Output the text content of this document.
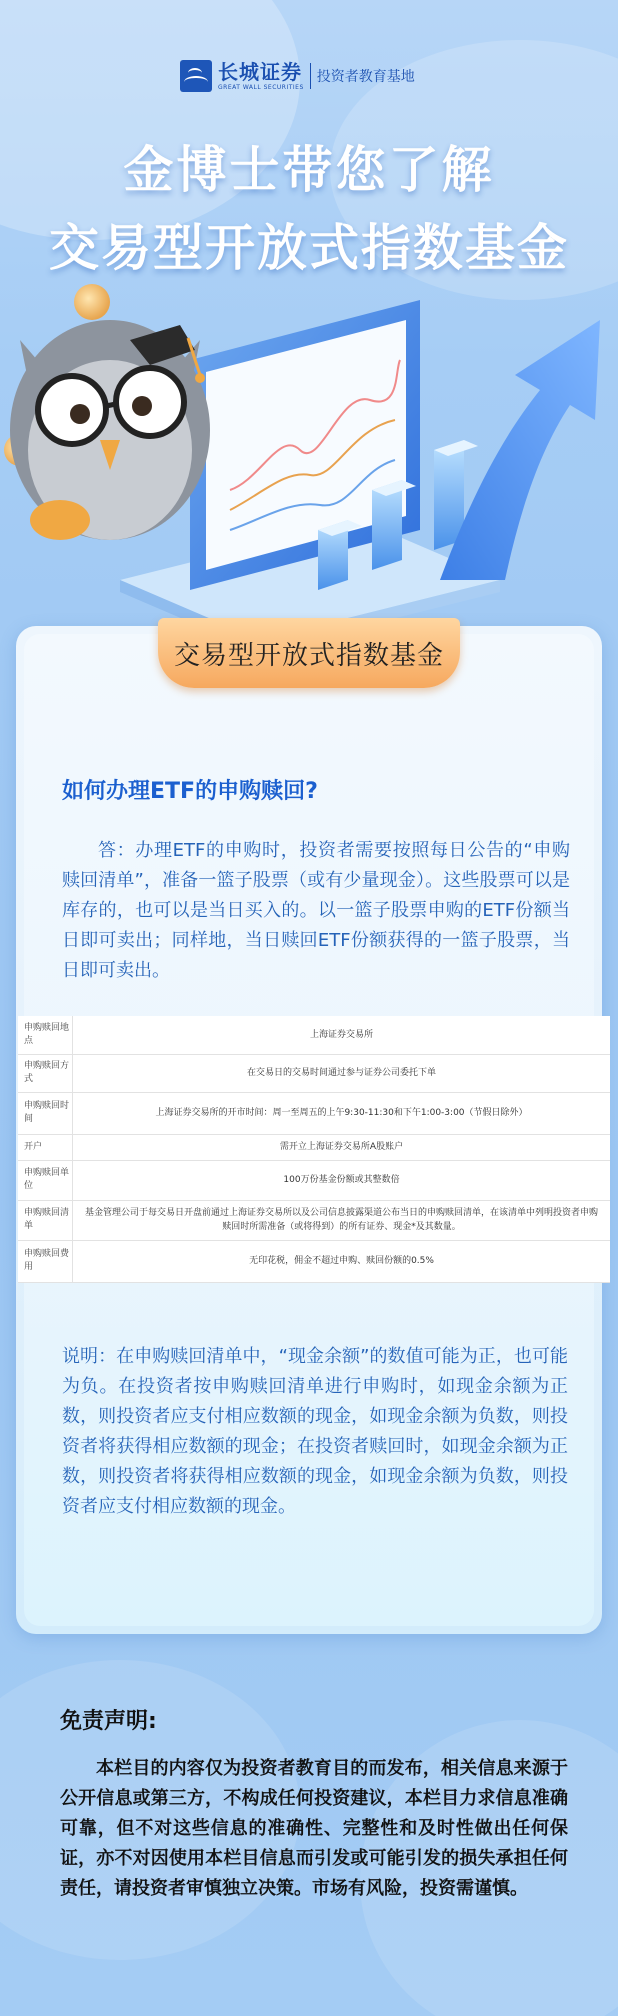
长城证券
GREAT WALL SECURITIES
投资者教育基地
金博士带您了解
交易型开放式指数基金
交易型开放式指数基金
如何办理ETF的申购赎回?
答：办理ETF的申购时，投资者需要按照每日公告的“申购赎回清单”，准备一篮子股票（或有少量现金）。这些股票可以是库存的，也可以是当日买入的。以一篮子股票申购的ETF份额当日即可卖出；同样地，当日赎回ETF份额获得的一篮子股票，当日即可卖出。
申购赎回地点	上海证券交易所
申购赎回方式	在交易日的交易时间通过参与证券公司委托下单
申购赎回时间	上海证券交易所的开市时间：周一至周五的上午9:30-11:30和下午1:00-3:00（节假日除外）
开户	需开立上海证券交易所A股账户
申购赎回单位	100万份基金份额或其整数倍
申购赎回清单	基金管理公司于每交易日开盘前通过上海证券交易所以及公司信息披露渠道公布当日的申购赎回清单，在该清单中列明投资者申购赎回时所需准备（或将得到）的所有证券、现金*及其数量。
申购赎回费用	无印花税，佣金不超过申购、赎回份额的0.5%
说明：在申购赎回清单中，“现金余额”的数值可能为正，也可能为负。在投资者按申购赎回清单进行申购时，如现金余额为正数，则投资者应支付相应数额的现金，如现金余额为负数，则投资者将获得相应数额的现金；在投资者赎回时，如现金余额为正数，则投资者将获得相应数额的现金，如现金余额为负数，则投资者应支付相应数额的现金。
免责声明:
本栏目的内容仅为投资者教育目的而发布，相关信息来源于公开信息或第三方，不构成任何投资建议，本栏目力求信息准确可靠，但不对这些信息的准确性、完整性和及时性做出任何保证，亦不对因使用本栏目信息而引发或可能引发的损失承担任何责任，请投资者审慎独立决策。市场有风险，投资需谨慎。
